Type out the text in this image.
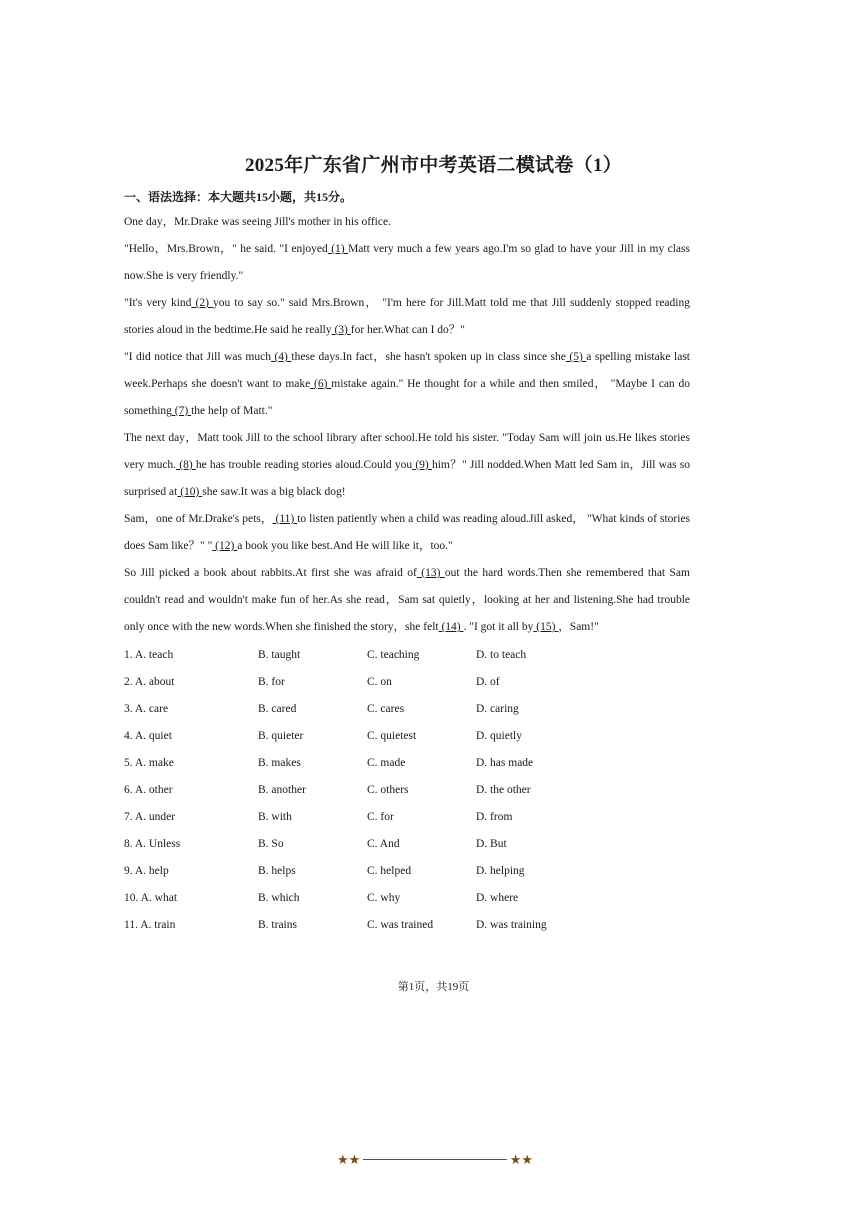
2025年广东省广州市中考英语二模试卷（1）
一、语法选择：本大题共15小题，共15分。

One day，Mr.Drake was seeing Jill's mother in his office.

"Hello，Mrs.Brown，" he said. "I enjoyed (1) Matt very much a few years ago.I'm so glad to have your Jill in my class now.She is very friendly."

"It's very kind (2) you to say so." said Mrs.Brown， "I'm here for Jill.Matt told me that Jill suddenly stopped reading stories aloud in the bedtime.He said he really (3) for her.What can I do？"

"I did notice that Jill was much (4) these days.In fact，she hasn't spoken up in class since she (5) a spelling mistake last week.Perhaps she doesn't want to make (6) mistake again." He thought for a while and then smiled， "Maybe I can do something (7) the help of Matt."

The next day，Matt took Jill to the school library after school.He told his sister. "Today Sam will join us.He likes stories very much. (8) he has trouble reading stories aloud.Could you (9) him？" Jill nodded.When Matt led Sam in，Jill was so surprised at (10) she saw.It was a big black dog!

Sam，one of Mr.Drake's pets， (11) to listen patiently when a child was reading aloud.Jill asked， "What kinds of stories does Sam like？" " (12) a book you like best.And He will like it，too."

So Jill picked a book about rabbits.At first she was afraid of (13) out the hard words.Then she remembered that Sam couldn't read and wouldn't make fun of her.As she read，Sam sat quietly，looking at her and listening.She had trouble only once with the new words.When she finished the story，she felt (14) . "I got it all by (15) ，Sam!"

1. A. teach	B. taught	C. teaching	D. to teach
2. A. about	B. for	C. on	D. of
3. A. care	B. cared	C. cares	D. caring
4. A. quiet	B. quieter	C. quietest	D. quietly
5. A. make	B. makes	C. made	D. has made
6. A. other	B. another	C. others	D. the other
7. A. under	B. with	C. for	D. from
8. A. Unless	B. So	C. And	D. But
9. A. help	B. helps	C. helped	D. helping
10. A. what	B. which	C. why	D. where
11. A. train	B. trains	C. was trained	D. was training
第1页，共19页
★★	★★
